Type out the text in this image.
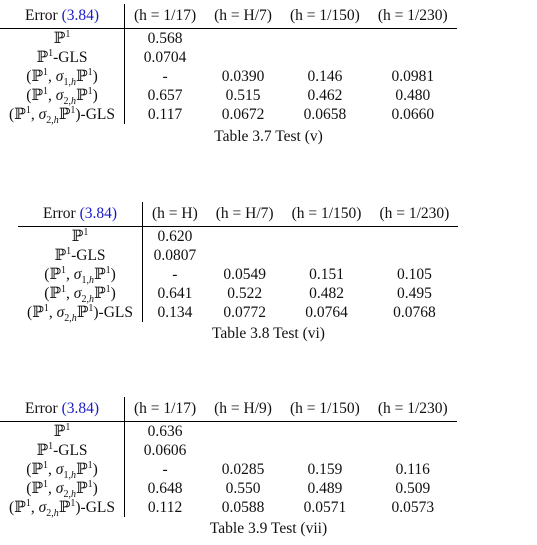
Error (3.84)	(h = 1/17)	(h = H/7)	(h = 1/150)	(h = 1/230)
ℙ$^1$	0.568			
ℙ$^1$-GLS	0.0704			
(ℙ$^1$, $\sigma_{1,h}ℙ^1$)	-	0.0390	0.146	0.0981
(ℙ$^1$, $\sigma_{2,h}ℙ^1$)	0.657	0.515	0.462	0.480
(ℙ$^1$, $\sigma_{2,h}ℙ^1$)-GLS	0.117	0.0672	0.0658	0.0660
Table 3.7 Test (v)
Error (3.84)	(h = H)	(h = H/7)	(h = 1/150)	(h = 1/230)
ℙ$^1$	0.620			
ℙ$^1$-GLS	0.0807			
(ℙ$^1$, $\sigma_{1,h}ℙ^1$)	-	0.0549	0.151	0.105
(ℙ$^1$, $\sigma_{2,h}ℙ^1$)	0.641	0.522	0.482	0.495
(ℙ$^1$, $\sigma_{2,h}ℙ^1$)-GLS	0.134	0.0772	0.0764	0.0768
Table 3.8 Test (vi)
Error (3.84)	(h = 1/17)	(h = H/9)	(h = 1/150)	(h = 1/230)
ℙ$^1$	0.636			
ℙ$^1$-GLS	0.0606			
(ℙ$^1$, $\sigma_{1,h}ℙ^1$)	-	0.0285	0.159	0.116
(ℙ$^1$, $\sigma_{2,h}ℙ^1$)	0.648	0.550	0.489	0.509
(ℙ$^1$, $\sigma_{2,h}ℙ^1$)-GLS	0.112	0.0588	0.0571	0.0573
Table 3.9 Test (vii)
